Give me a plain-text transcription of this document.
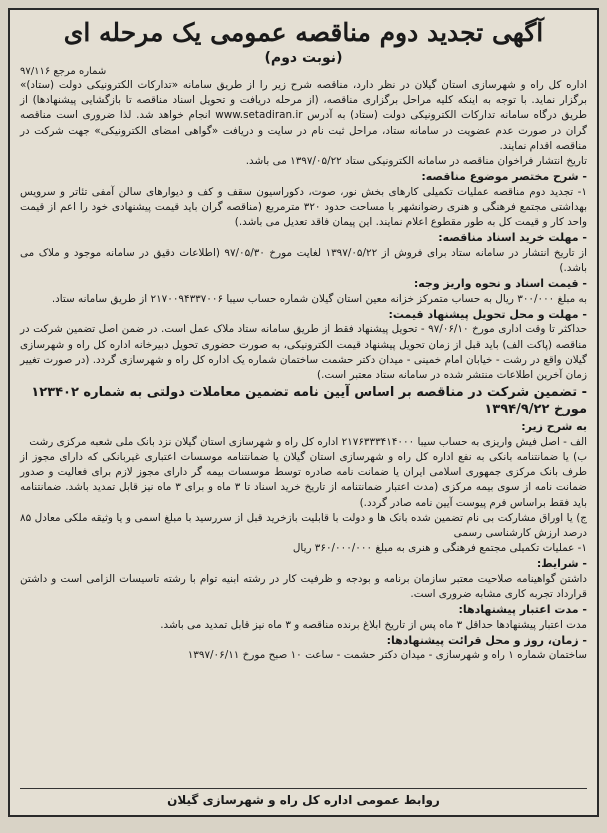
آگهی تجدید دوم مناقصه عمومی یک مرحله ای
(نوبت دوم)
شماره مرجع ۹۷/۱۱۶

اداره کل راه و شهرسازی استان گیلان در نظر دارد، مناقصه شرح زیر را از طریق سامانه «تدارکات الکترونیکی دولت (ستاد)» برگزار نماید. با توجه به اینکه کلیه مراحل برگزاری مناقصه، (از مرحله دریافت و تحویل اسناد مناقصه تا بازگشایی پیشنهادها) از طریق درگاه سامانه تدارکات الکترونیکی دولت (ستاد) به آدرس www.setadiran.ir انجام خواهد شد. لذا ضروری است مناقصه گران در صورت عدم عضویت در سامانه ستاد، مراحل ثبت نام در سایت و دریافت «گواهی امضای الکترونیکی» جهت شرکت در مناقصه اقدام نمایند.

تاریخ انتشار فراخوان مناقصه در سامانه الکترونیکی ستاد ۱۳۹۷/۰۵/۲۲ می باشد.

- شرح مختصر موضوع مناقصه:

۱- تجدید دوم مناقصه عملیات تکمیلی کارهای بخش نور، صوت، دکوراسیون سقف و کف و دیوارهای سالن آمفی تئاتر و سرویس بهداشتی مجتمع فرهنگی و هنری رضوانشهر با مساحت حدود ۳۲۰ مترمربع (مناقصه گران باید قیمت پیشنهادی خود را اعم از قیمت واحد کار و قیمت کل به طور مقطوع اعلام نمایند. این پیمان فاقد تعدیل می باشد.)

- مهلت خرید اسناد مناقصه:

از تاریخ انتشار در سامانه ستاد برای فروش از ۱۳۹۷/۰۵/۲۲ لغایت مورخ ۹۷/۰۵/۳۰ (اطلاعات دقیق در سامانه موجود و ملاک می باشد.)

- قیمت اسناد و نحوه واریز وجه:

به مبلغ ۳۰۰/۰۰۰ ریال به حساب متمرکز خزانه معین استان گیلان شماره حساب سیبا ۲۱۷۰۰۹۴۳۳۷۰۰۶ از طریق سامانه ستاد.

- مهلت و محل تحویل پیشنهاد قیمت:

حداکثر تا وقت اداری مورخ ۹۷/۰۶/۱۰ - تحویل پیشنهاد فقط از طریق سامانه ستاد ملاک عمل است. در ضمن اصل تضمین شرکت در مناقصه (پاکت الف) باید قبل از زمان تحویل پیشنهاد قیمت الکترونیکی، به صورت حضوری تحویل دبیرخانه اداره کل راه و شهرسازی گیلان واقع در رشت - خیابان امام خمینی - میدان دکتر حشمت ساختمان شماره یک اداره کل راه و شهرسازی گردد. (در صورت تغییر زمان آخرین اطلاعات منتشر شده در سامانه ستاد معتبر است.)

- تضمین شرکت در مناقصه بر اساس آیین نامه تضمین معاملات دولتی به شماره ۱۲۳۴۰۲ مورخ ۱۳۹۴/۹/۲۲
به شرح زیر:

الف - اصل فیش واریزی به حساب سیبا ۲۱۷۶۳۳۳۴۱۴۰۰۰ اداره کل راه و شهرسازی استان گیلان نزد بانک ملی شعبه مرکزی رشت

ب) یا ضمانتنامه بانکی به نفع اداره کل راه و شهرسازی استان گیلان یا ضمانتنامه موسسات اعتباری غیربانکی که دارای مجوز از طرف بانک مرکزی جمهوری اسلامی ایران یا ضمانت نامه صادره توسط موسسات بیمه گر دارای مجوز لازم برای فعالیت و صدور ضمانت نامه از سوی بیمه مرکزی (مدت اعتبار ضمانتنامه از تاریخ خرید اسناد تا ۳ ماه و برای ۳ ماه نیز قابل تمدید باشد. ضمانتنامه باید فقط براساس فرم پیوست آیین نامه صادر گردد.)

ج) یا اوراق مشارکت بی نام تضمین شده بانک ها و دولت با قابلیت بازخرید قبل از سررسید با مبلغ اسمی و یا وثیقه ملکی معادل ۸۵ درصد ارزش کارشناسی رسمی

۱- عملیات تکمیلی مجتمع فرهنگی و هنری به مبلغ ۳۶۰/۰۰۰/۰۰۰ ریال

- شرایط:

داشتن گواهینامه صلاحیت معتبر سازمان برنامه و بودجه و ظرفیت کار در رشته ابنیه توام با رشته تاسیسات الزامی است و داشتن قرارداد تجربه کاری مشابه ضروری است.

- مدت اعتبار پیشنهادها:

مدت اعتبار پیشنهادها حداقل ۳ ماه پس از تاریخ ابلاغ برنده مناقصه و ۳ ماه نیز قابل تمدید می باشد.

- زمان، روز و محل قرائت پیشنهادها:

ساختمان شماره ۱ راه و شهرسازی - میدان دکتر حشمت - ساعت ۱۰ صبح مورخ ۱۳۹۷/۰۶/۱۱

روابط عمومی اداره کل راه و شهرسازی گیلان
